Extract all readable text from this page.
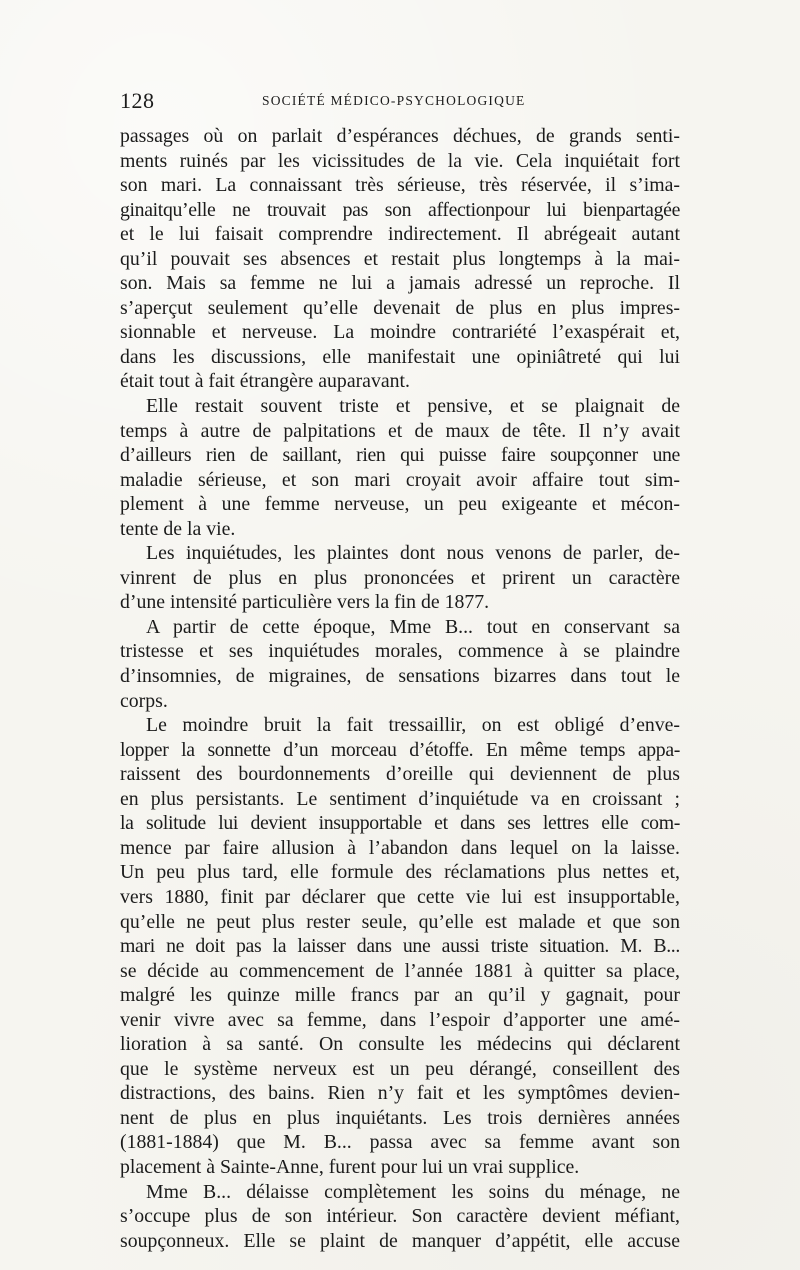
128	SOCIÉTÉ MÉDICO-PSYCHOLOGIQUE
passages où on parlait d’espérances déchues, de grands senti-
ments ruinés par les vicissitudes de la vie. Cela inquiétait fort
son mari. La connaissant très sérieuse, très réservée, il s’ima-
ginaitqu’elle ne trouvait pas son affectionpour lui bienpartagée
et le lui faisait comprendre indirectement. Il abrégeait autant
qu’il pouvait ses absences et restait plus longtemps à la mai-
son. Mais sa femme ne lui a jamais adressé un reproche. Il
s’aperçut seulement qu’elle devenait de plus en plus impres-
sionnable et nerveuse. La moindre contrariété l’exaspérait et,
dans les discussions, elle manifestait une opiniâtreté qui lui
était tout à fait étrangère auparavant.
Elle restait souvent triste et pensive, et se plaignait de
temps à autre de palpitations et de maux de tête. Il n’y avait
d’ailleurs rien de saillant, rien qui puisse faire soupçonner une
maladie sérieuse, et son mari croyait avoir affaire tout sim-
plement à une femme nerveuse, un peu exigeante et mécon-
tente de la vie.
Les inquiétudes, les plaintes dont nous venons de parler, de-
vinrent de plus en plus prononcées et prirent un caractère
d’une intensité particulière vers la fin de 1877.
A partir de cette époque, Mme B... tout en conservant sa
tristesse et ses inquiétudes morales, commence à se plaindre
d’insomnies, de migraines, de sensations bizarres dans tout le
corps.
Le moindre bruit la fait tressaillir, on est obligé d’enve-
lopper la sonnette d’un morceau d’étoffe. En même temps appa-
raissent des bourdonnements d’oreille qui deviennent de plus
en plus persistants. Le sentiment d’inquiétude va en croissant ;
la solitude lui devient insupportable et dans ses lettres elle com-
mence par faire allusion à l’abandon dans lequel on la laisse.
Un peu plus tard, elle formule des réclamations plus nettes et,
vers 1880, finit par déclarer que cette vie lui est insupportable,
qu’elle ne peut plus rester seule, qu’elle est malade et que son
mari ne doit pas la laisser dans une aussi triste situation. M. B...
se décide au commencement de l’année 1881 à quitter sa place,
malgré les quinze mille francs par an qu’il y gagnait, pour
venir vivre avec sa femme, dans l’espoir d’apporter une amé-
lioration à sa santé. On consulte les médecins qui déclarent
que le système nerveux est un peu dérangé, conseillent des
distractions, des bains. Rien n’y fait et les symptômes devien-
nent de plus en plus inquiétants. Les trois dernières années
(1881-1884) que M. B... passa avec sa femme avant son
placement à Sainte-Anne, furent pour lui un vrai supplice.
Mme B... délaisse complètement les soins du ménage, ne
s’occupe plus de son intérieur. Son caractère devient méfiant,
soupçonneux. Elle se plaint de manquer d’appétit, elle accuse
